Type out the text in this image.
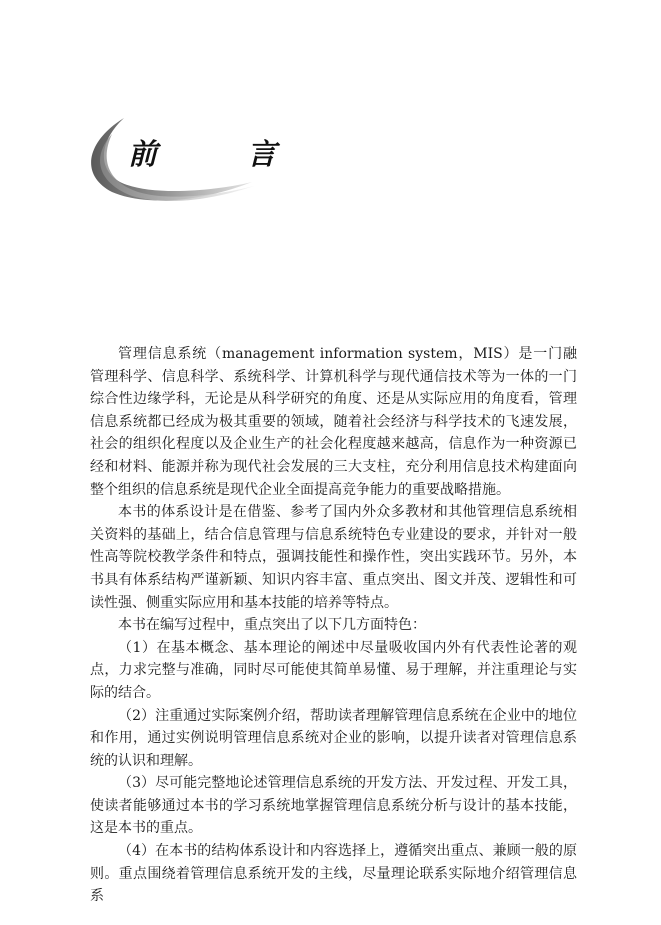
前 言

管理信息系统（management information system，MIS）是一门融管理科学、信息科学、系统科学、计算机科学与现代通信技术等为一体的一门综合性边缘学科，无论是从科学研究的角度、还是从实际应用的角度看，管理信息系统都已经成为极其重要的领域，随着社会经济与科学技术的飞速发展，社会的组织化程度以及企业生产的社会化程度越来越高，信息作为一种资源已经和材料、能源并称为现代社会发展的三大支柱，充分利用信息技术构建面向整个组织的信息系统是现代企业全面提高竞争能力的重要战略措施。

本书的体系设计是在借鉴、参考了国内外众多教材和其他管理信息系统相关资料的基础上，结合信息管理与信息系统特色专业建设的要求，并针对一般性高等院校教学条件和特点，强调技能性和操作性，突出实践环节。另外，本书具有体系结构严谨新颖、知识内容丰富、重点突出、图文并茂、逻辑性和可读性强、侧重实际应用和基本技能的培养等特点。

本书在编写过程中，重点突出了以下几方面特色：

（1）在基本概念、基本理论的阐述中尽量吸收国内外有代表性论著的观点，力求完整与准确，同时尽可能使其简单易懂、易于理解，并注重理论与实际的结合。

（2）注重通过实际案例介绍，帮助读者理解管理信息系统在企业中的地位和作用，通过实例说明管理信息系统对企业的影响，以提升读者对管理信息系统的认识和理解。

（3）尽可能完整地论述管理信息系统的开发方法、开发过程、开发工具，使读者能够通过本书的学习系统地掌握管理信息系统分析与设计的基本技能，这是本书的重点。

（4）在本书的结构体系设计和内容选择上，遵循突出重点、兼顾一般的原则。重点围绕着管理信息系统开发的主线，尽量理论联系实际地介绍管理信息系
